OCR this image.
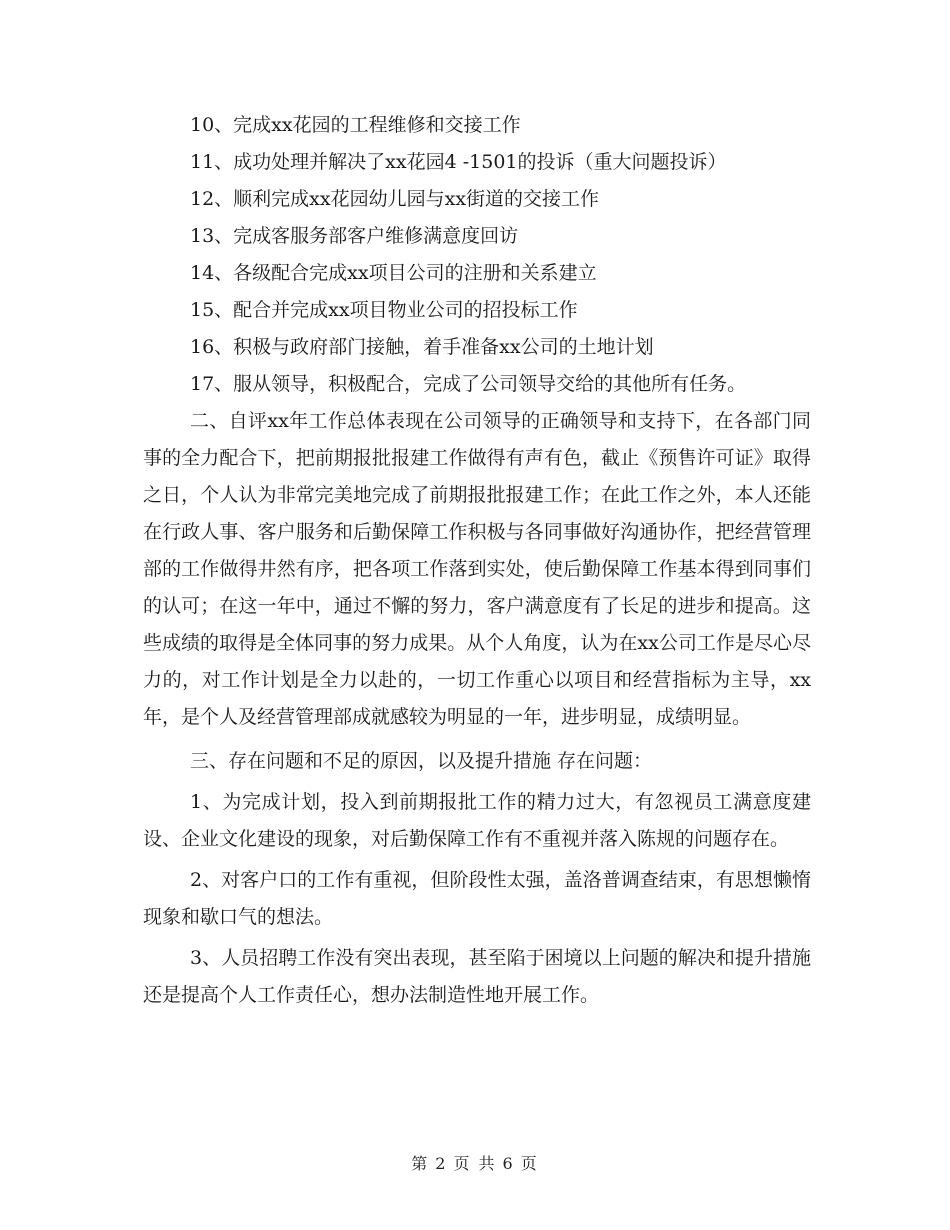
10、完成xx花园的工程维修和交接工作
11、成功处理并解决了xx花园4 -1501的投诉（重大问题投诉）
12、顺利完成xx花园幼儿园与xx街道的交接工作
13、完成客服务部客户维修满意度回访
14、各级配合完成xx项目公司的注册和关系建立
15、配合并完成xx项目物业公司的招投标工作
16、积极与政府部门接触，着手准备xx公司的土地计划
17、服从领导，积极配合，完成了公司领导交给的其他所有任务。

二、自评xx年工作总体表现在公司领导的正确领导和支持下，在各部门同事的全力配合下，把前期报批报建工作做得有声有色，截止《预售许可证》取得之日，个人认为非常完美地完成了前期报批报建工作；在此工作之外，本人还能在行政人事、客户服务和后勤保障工作积极与各同事做好沟通协作，把经营管理部的工作做得井然有序，把各项工作落到实处，使后勤保障工作基本得到同事们的认可；在这一年中，通过不懈的努力，客户满意度有了长足的进步和提高。这些成绩的取得是全体同事的努力成果。从个人角度，认为在xx公司工作是尽心尽力的，对工作计划是全力以赴的，一切工作重心以项目和经营指标为主导，xx年，是个人及经营管理部成就感较为明显的一年，进步明显，成绩明显。

三、存在问题和不足的原因，以及提升措施 存在问题：

1、为完成计划，投入到前期报批工作的精力过大，有忽视员工满意度建设、企业文化建设的现象，对后勤保障工作有不重视并落入陈规的问题存在。

2、对客户口的工作有重视，但阶段性太强，盖洛普调查结束，有思想懒惰现象和歇口气的想法。

3、人员招聘工作没有突出表现，甚至陷于困境以上问题的解决和提升措施还是提高个人工作责任心，想办法制造性地开展工作。

第 2 页 共 6 页
